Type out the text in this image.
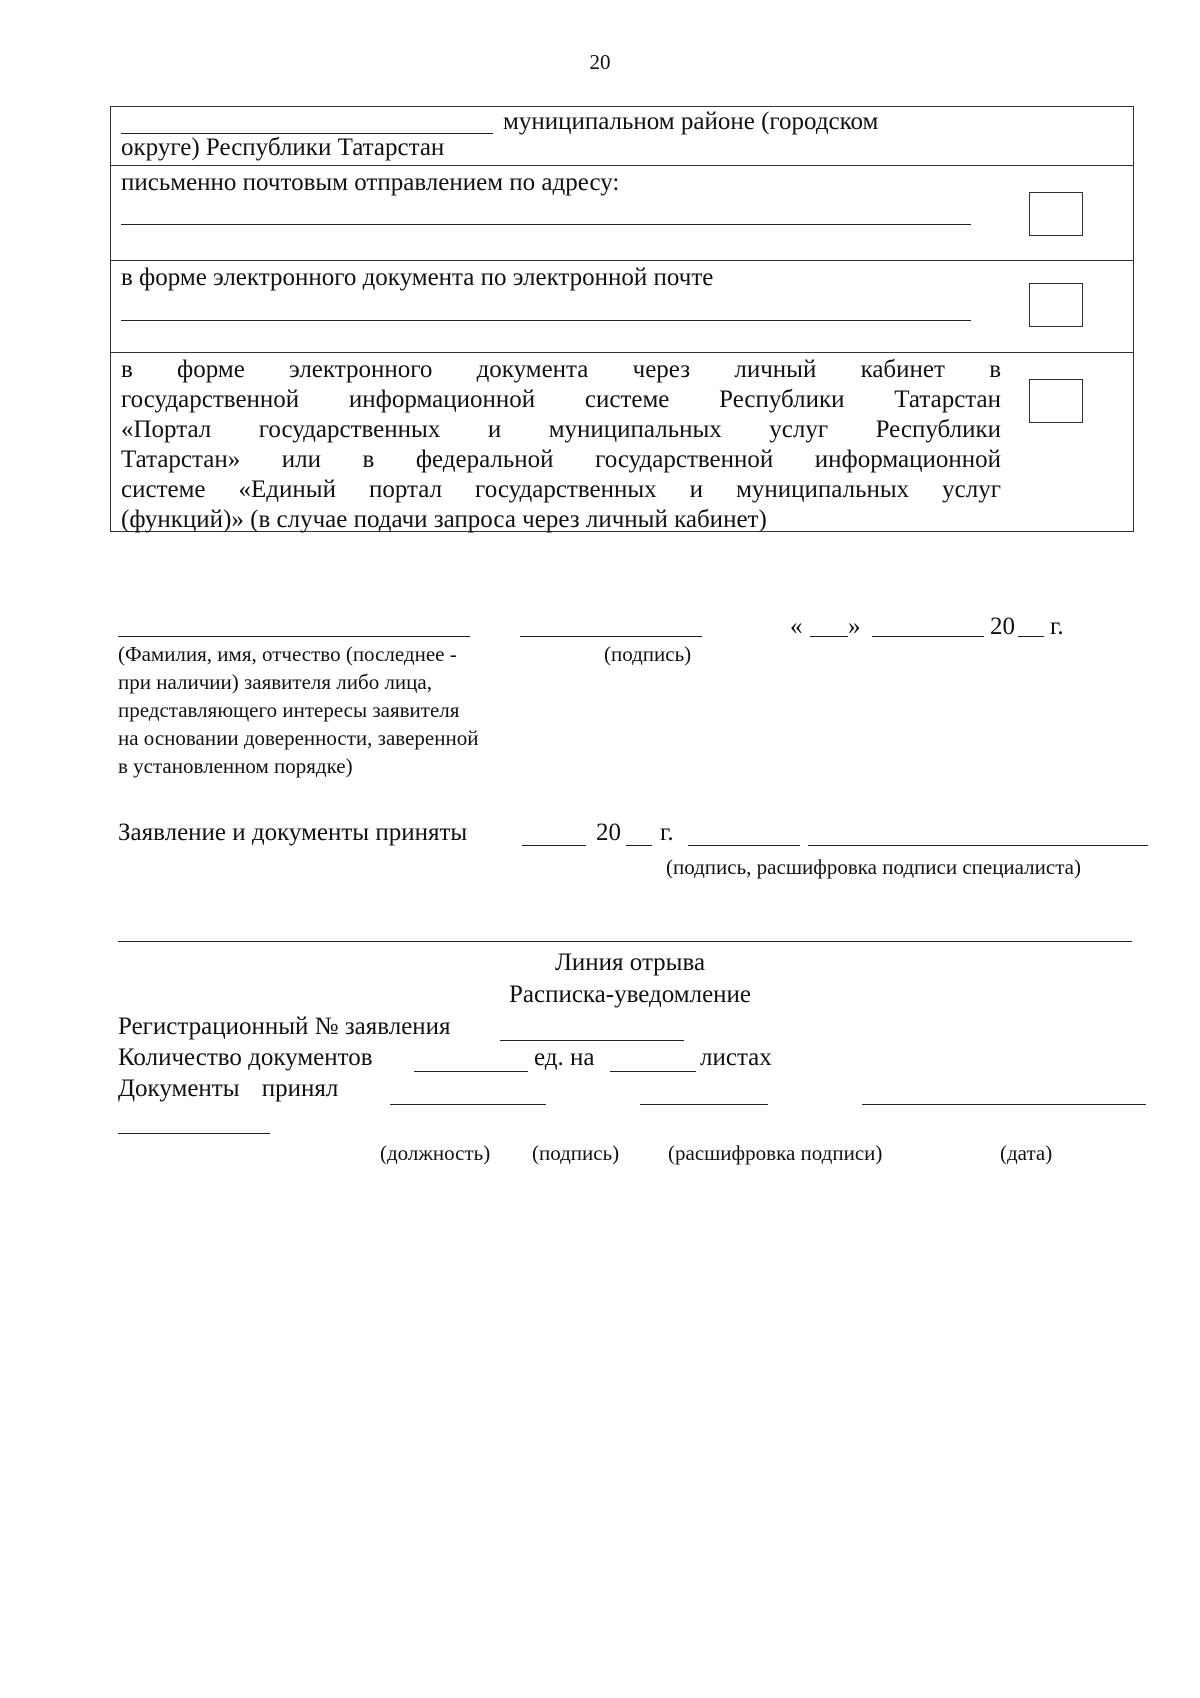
20
муниципальном районе (городском
округе) Республики Татарстан
письменно почтовым отправлением по адресу:
в форме электронного документа по электронной почте
в форме электронного документа через личный кабинет в
государственной информационной системе Республики Татарстан
«Портал государственных и муниципальных услуг Республики
Татарстан» или в федеральной государственной информационной
системе «Единый портал государственных и муниципальных услуг
(функций)» (в случае подачи запроса через личный кабинет)
« »	20 г.
(Фамилия, имя, отчество (последнее -
при наличии) заявителя либо лица,
представляющего интересы заявителя
на основании доверенности, заверенной
в установленном порядке)
(подпись)
Заявление и документы приняты	20 г.
(подпись, расшифровка подписи специалиста)
Линия отрыва
Расписка-уведомление
Регистрационный № заявления
Количество документов	ед. на	листах
Документы принял
(должность) (подпись) (расшифровка подписи)	(дата)
